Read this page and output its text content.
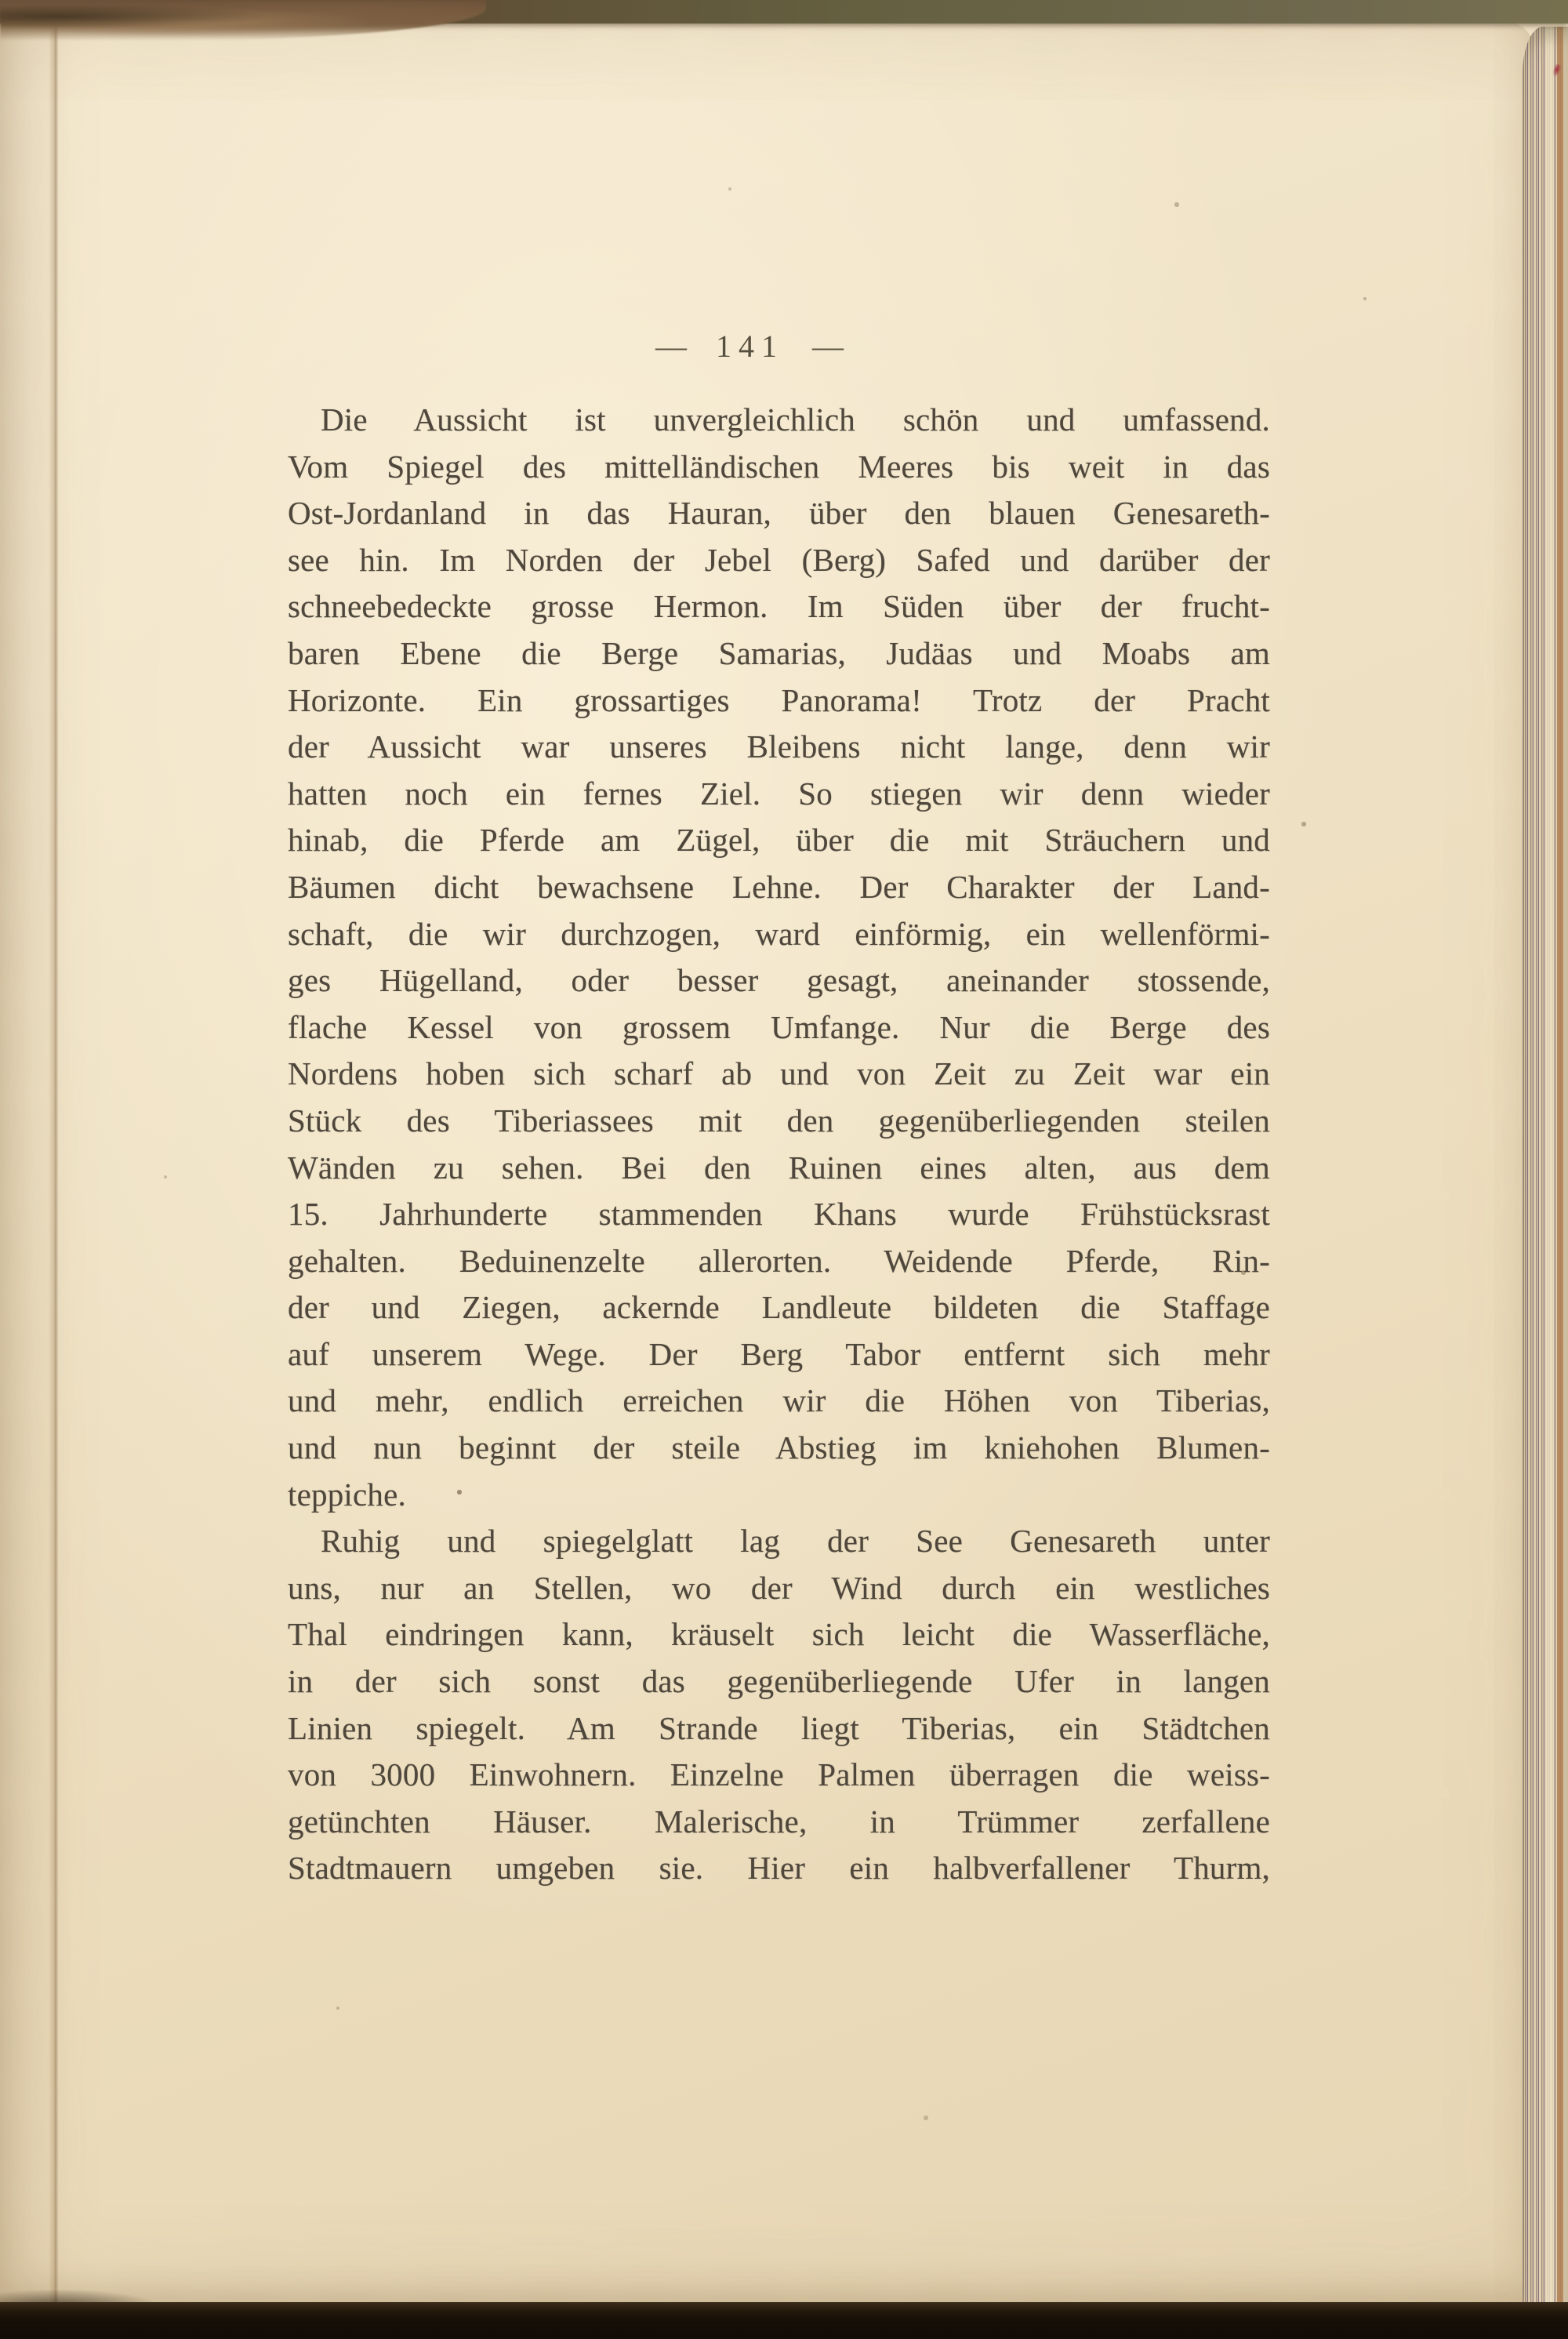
— 141 —
Die Aussicht ist unvergleichlich schön und umfassend.
Vom Spiegel des mittelländischen Meeres bis weit in das
Ost-Jordanland in das Hauran, über den blauen Genesareth-
see hin. Im Norden der Jebel (Berg) Safed und darüber der
schneebedeckte grosse Hermon. Im Süden über der frucht-
baren Ebene die Berge Samarias, Judäas und Moabs am
Horizonte. Ein grossartiges Panorama! Trotz der Pracht
der Aussicht war unseres Bleibens nicht lange, denn wir
hatten noch ein fernes Ziel. So stiegen wir denn wieder
hinab, die Pferde am Zügel, über die mit Sträuchern und
Bäumen dicht bewachsene Lehne. Der Charakter der Land-
schaft, die wir durchzogen, ward einförmig, ein wellenförmi-
ges Hügelland, oder besser gesagt, aneinander stossende,
flache Kessel von grossem Umfange. Nur die Berge des
Nordens hoben sich scharf ab und von Zeit zu Zeit war ein
Stück des Tiberiassees mit den gegenüberliegenden steilen
Wänden zu sehen. Bei den Ruinen eines alten, aus dem
15. Jahrhunderte stammenden Khans wurde Frühstücksrast
gehalten. Beduinenzelte allerorten. Weidende Pferde, Rin-
der und Ziegen, ackernde Landleute bildeten die Staffage
auf unserem Wege. Der Berg Tabor entfernt sich mehr
und mehr, endlich erreichen wir die Höhen von Tiberias,
und nun beginnt der steile Abstieg im kniehohen Blumen-
teppiche.
Ruhig und spiegelglatt lag der See Genesareth unter
uns, nur an Stellen, wo der Wind durch ein westliches
Thal eindringen kann, kräuselt sich leicht die Wasserfläche,
in der sich sonst das gegenüberliegende Ufer in langen
Linien spiegelt. Am Strande liegt Tiberias, ein Städtchen
von 3000 Einwohnern. Einzelne Palmen überragen die weiss-
getünchten Häuser. Malerische, in Trümmer zerfallene
Stadtmauern umgeben sie. Hier ein halbverfallener Thurm,
